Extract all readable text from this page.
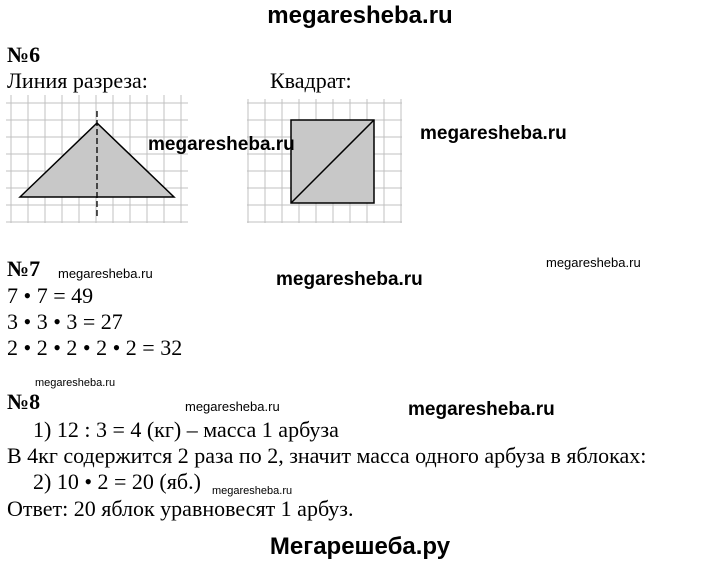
megaresheba.ru
№6
Линия разреза:	Квадрат:
megaresheba.ru
megaresheba.ru
№7 megaresheba.ru	megaresheba.ru
megaresheba.ru
7 • 7 = 49
3 • 3 • 3 = 27
2 • 2 • 2 • 2 • 2 = 32
megaresheba.ru
№8	megaresheba.ru	megaresheba.ru
1) 12 : 3 = 4 (кг) – масса 1 арбуза
В 4кг содержится 2 раза по 2, значит масса одного арбуза в яблоках:
2) 10 • 2 = 20 (яб.) megaresheba.ru
Ответ: 20 яблок уравновесят 1 арбуз.
Мегарешеба.ру
